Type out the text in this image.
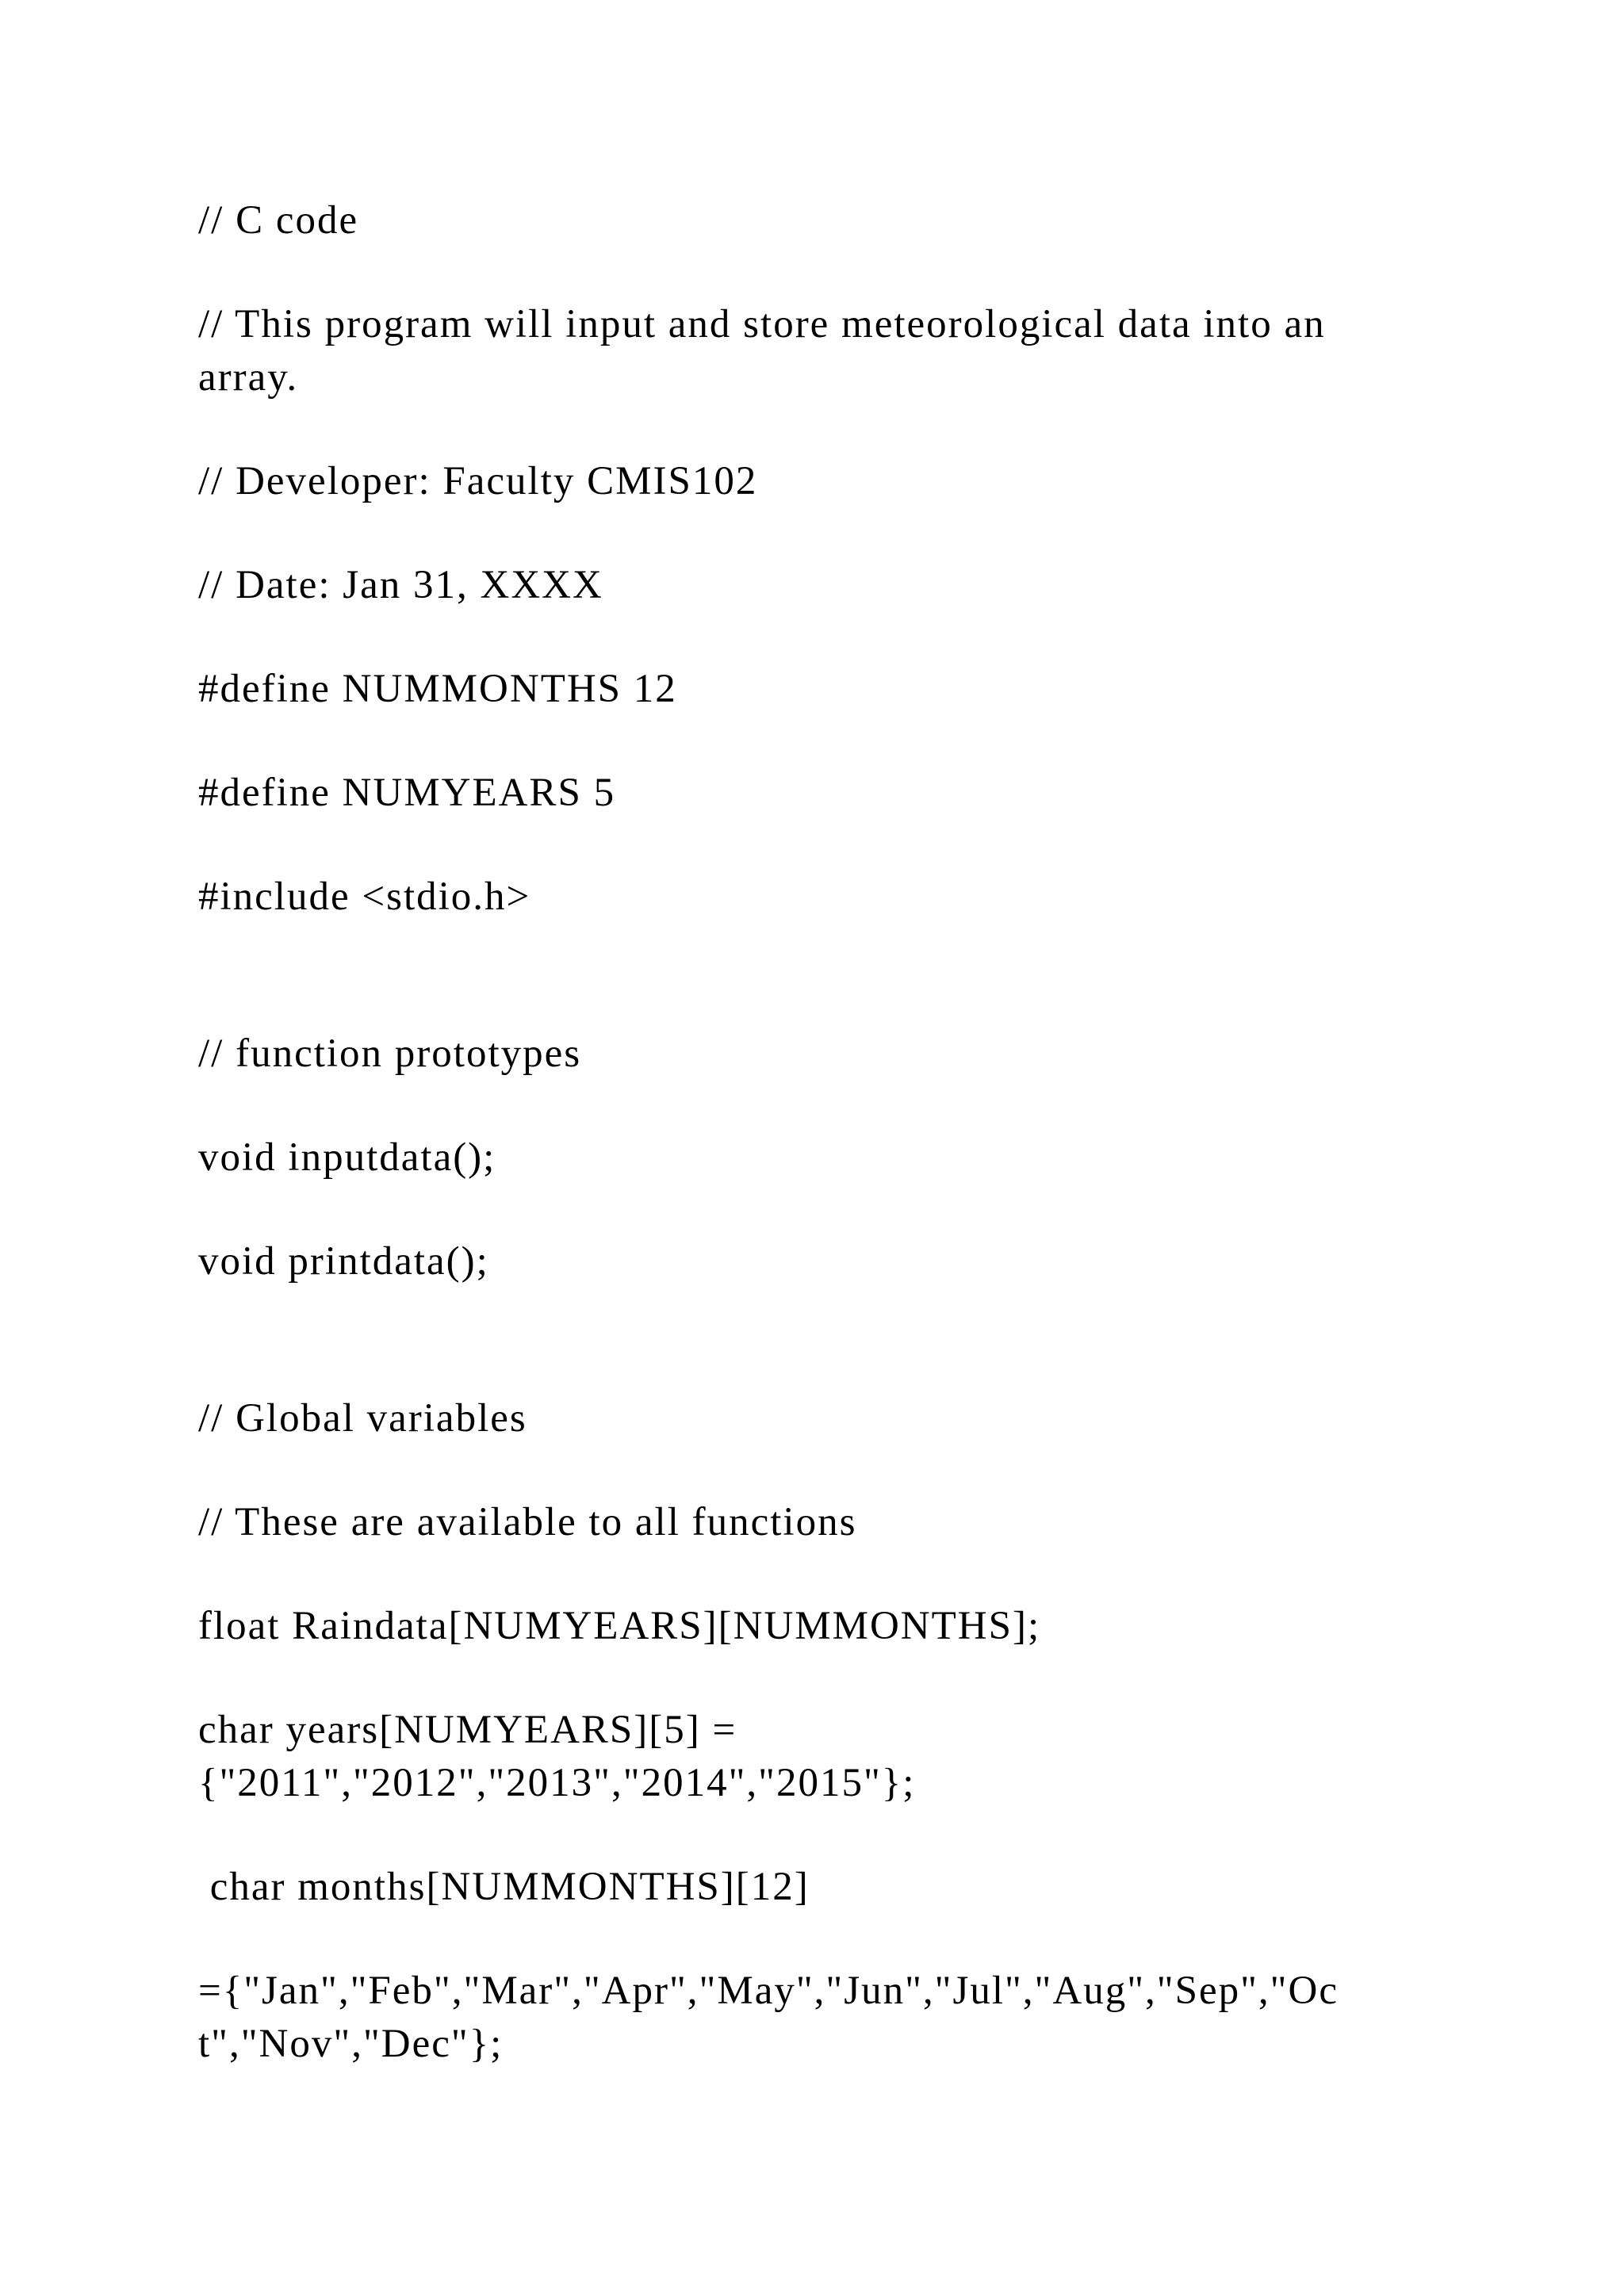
// C code
// This program will input and store meteorological data into an array.
// Developer: Faculty CMIS102
// Date: Jan 31, XXXX
#define NUMMONTHS 12
#define NUMYEARS 5
#include <stdio.h>
// function prototypes
void inputdata();
void printdata();
// Global variables
// These are available to all functions
float Raindata[NUMYEARS][NUMMONTHS];
char years[NUMYEARS][5] =
{"2011","2012","2013","2014","2015"};
char months[NUMMONTHS][12]
={"Jan","Feb","Mar","Apr","May","Jun","Jul","Aug","Sep","Oc
t","Nov","Dec"};
